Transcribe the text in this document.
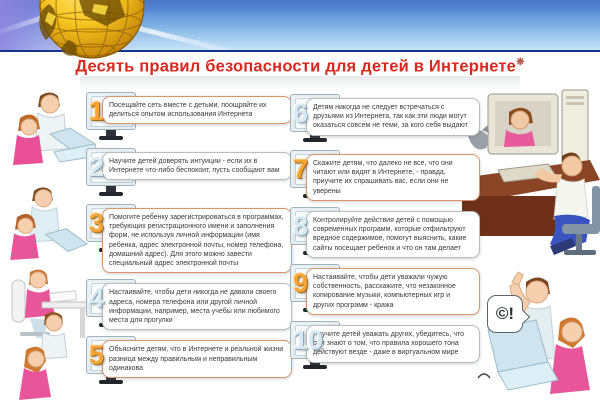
Десять правил безопасности для детей в Интернете❋
©!
1 Посещайте сеть вместе с детьми, поощряйте их делиться опытом использования Интернета
2 Научите детей доверять интуиции - если их в Интернете что-либо беспокоит, пусть сообщают вам
3 Помогите ребенку зарегистрироваться в программах, требующих регистрационного имени и заполнения форм, не используя личной информации (имя ребенка, адрес электронной почты, номер телефона, домашний адрес). Для этого можно завести специальный адрес электронной почты
4 Настаивайте, чтобы дети никогда не давали своего адреса, номера телефона или другой личной информации, например, места учебы или любимого места для прогулки
5 Объясните детям, что в Интернете и реальной жизни разница между правильным и неправильным одинакова
6 Детям никогда не следует встречаться с друзьями из Интернета, так как эти люди могут оказаться совсем не теми, за кого себя выдают
7 Скажите детям, что далеко не все, что они читают или видят в Интернете, - правда, приучите их спрашивать вас, если они не уверены
8 Контролируйте действия детей с помощью современных программ, которые отфильтруют вредное содержимое, помогут выяснить, какие сайты посещает ребенок и что он там делает
9 Настаивайте, чтобы дети уважали чужую собственность, расскажите, что незаконное копирование музыки, компьютерных игр и других программ - кража
10
Научите детей уважать других, убедитесь, что они знают о том, что правила хорошего тона действуют везде - даже в виртуальном мире
